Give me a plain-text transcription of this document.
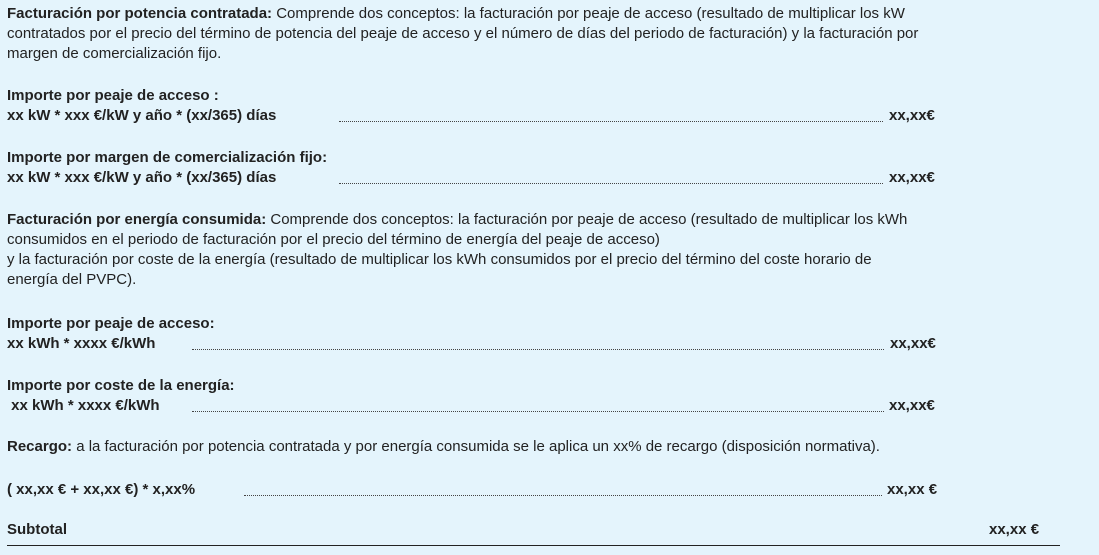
Facturación por potencia contratada: Comprende dos conceptos: la facturación por peaje de acceso (resultado de multiplicar los kW
contratados por el precio del término de potencia del peaje de acceso y el número de días del periodo de facturación) y la facturación por
margen de comercialización fijo.

Importe por peaje de acceso :
xx kW * xxx €/kW y año * (xx/365) días	xx,xx€
Importe por margen de comercialización fijo:
xx kW * xxx €/kW y año * (xx/365) días	xx,xx€

Facturación por energía consumida: Comprende dos conceptos: la facturación por peaje de acceso (resultado de multiplicar los kWh
consumidos en el periodo de facturación por el precio del término de energía del peaje de acceso)
y la facturación por coste de la energía (resultado de multiplicar los kWh consumidos por el precio del término del coste horario de
energía del PVPC).

Importe por peaje de acceso:
xx kWh * xxxx €/kWh	xx,xx€
Importe por coste de la energía:
xx kWh * xxxx €/kWh	xx,xx€

Recargo: a la facturación por potencia contratada y por energía consumida se le aplica un xx% de recargo (disposición normativa).

( xx,xx € + xx,xx €) * x,xx%	xx,xx €
Subtotal	xx,xx €
